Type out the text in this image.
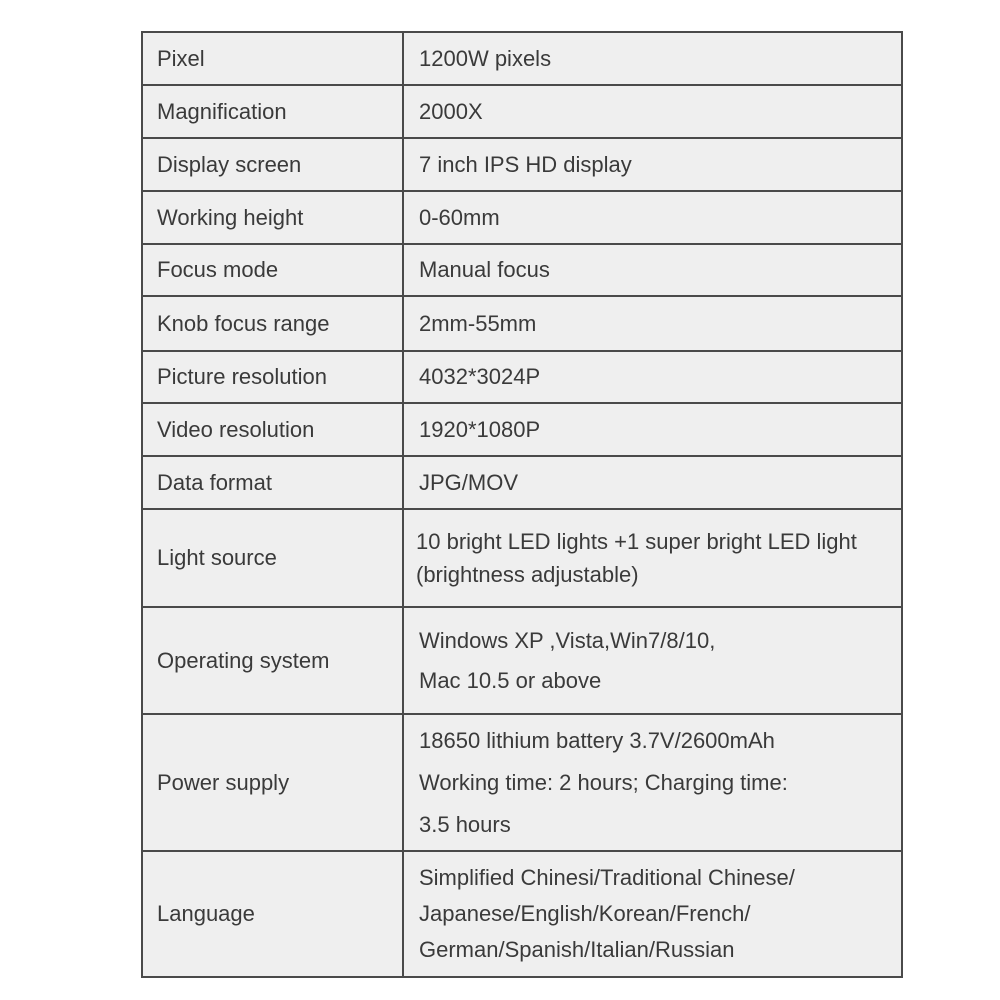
Pixel	1200W pixels
Magnification	2000X
Display screen	7 inch IPS HD display
Working height	0-60mm
Focus mode	Manual focus
Knob focus range	2mm-55mm
Picture resolution	4032*3024P
Video resolution	1920*1080P
Data format	JPG/MOV
Light source	10 bright LED lights +1 super bright LED light
(brightness adjustable)

Operating system	Windows XP ,Vista,Win7/8/10,
Mac 10.5 or above

Power supply	18650 lithium battery 3.7V/2600mAh
Working time: 2 hours; Charging time:
3.5 hours

Language	Simplified Chinesi/Traditional Chinese/
Japanese/English/Korean/French/
German/Spanish/Italian/Russian
